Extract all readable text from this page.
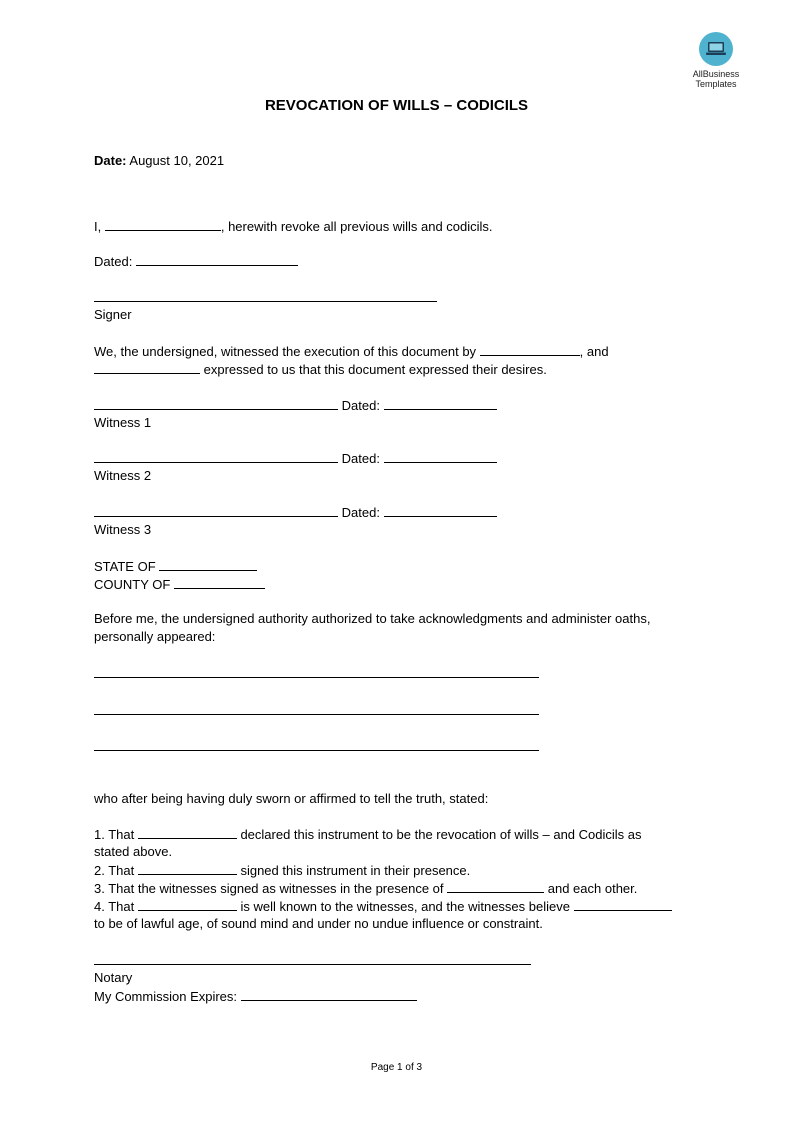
AllBusiness
Templates
REVOCATION OF WILLS – CODICILS
Date: August 10, 2021
I,	, herewith revoke all previous wills and codicils.
Dated:
Signer
We, the undersigned, witnessed the execution of this document by	, and
expressed to us that this document expressed their desires.
Dated:
Witness 1
Dated:
Witness 2
Dated:
Witness 3
STATE OF
COUNTY OF
Before me, the undersigned authority authorized to take acknowledgments and administer oaths,
personally appeared:
who after being having duly sworn or affirmed to tell the truth, stated:
1. That	declared this instrument to be the revocation of wills – and Codicils as
stated above.
2. That	signed this instrument in their presence.
3. That the witnesses signed as witnesses in the presence of	and each other.
4. That	is well known to the witnesses, and the witnesses believe
to be of lawful age, of sound mind and under no undue influence or constraint.
Notary
My Commission Expires:
Page 1 of 3
